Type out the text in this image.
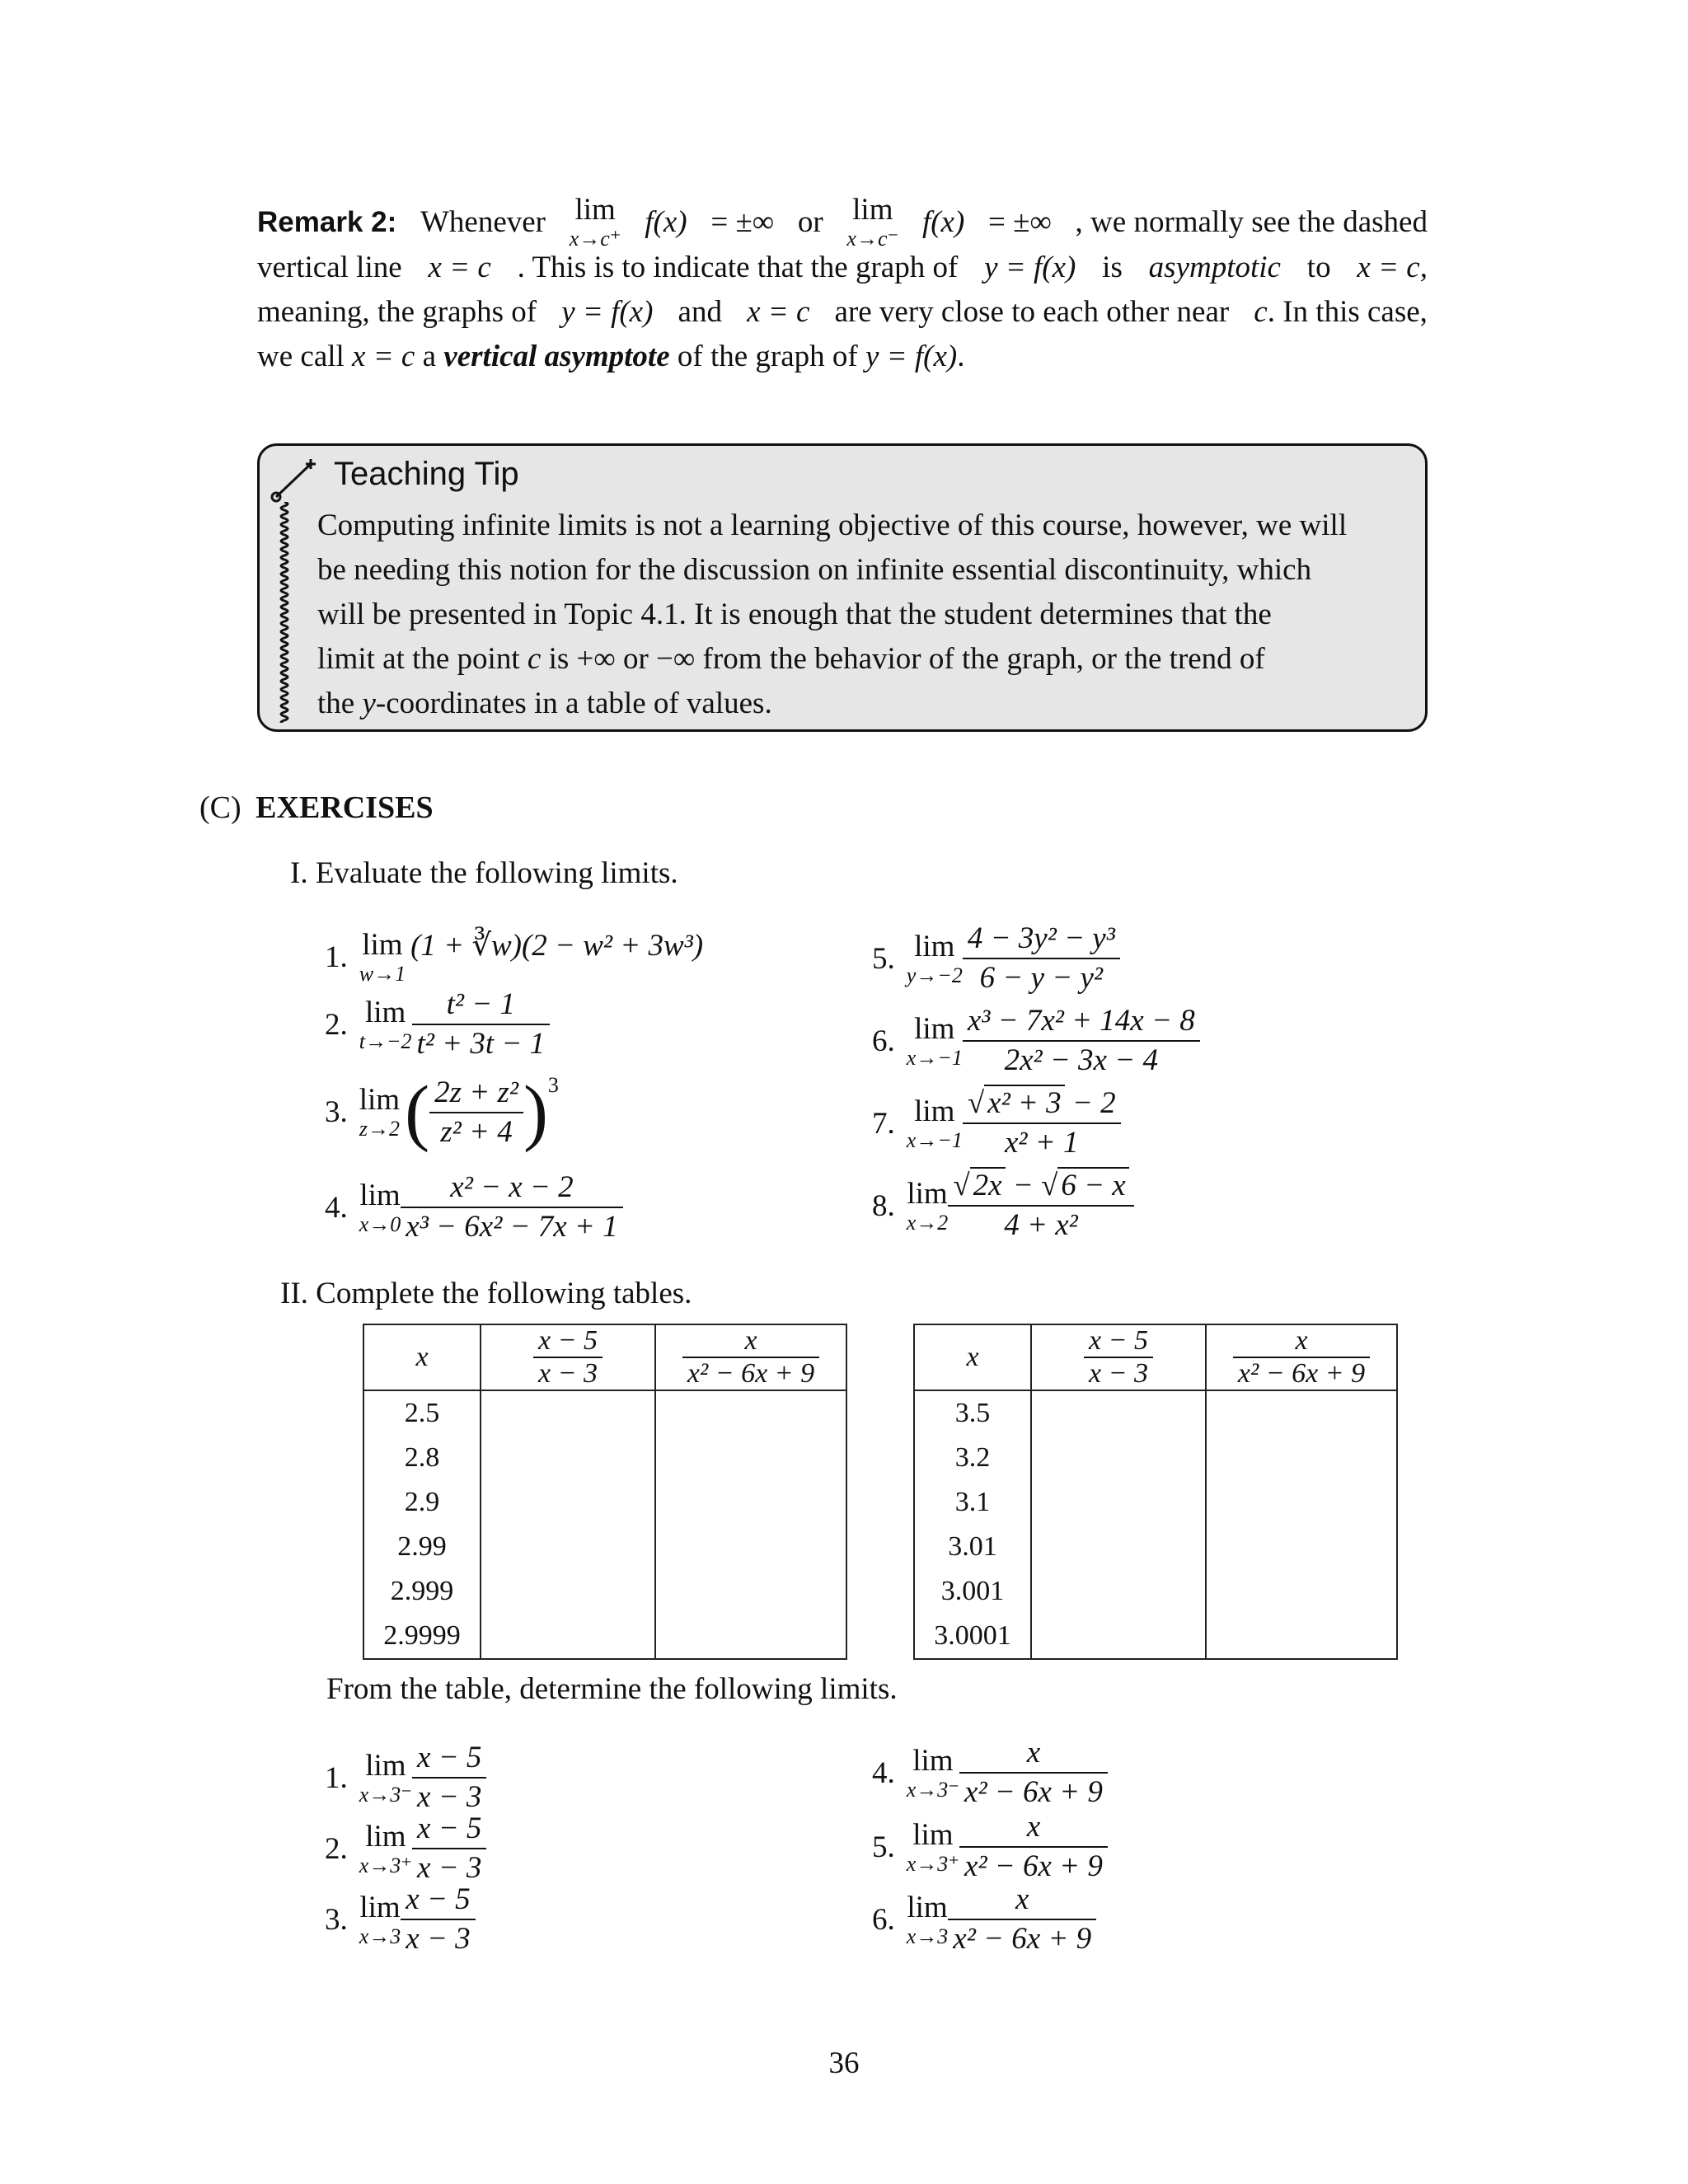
Remark 2: Whenever lim
x→c⁺ f(x) = ±∞ or lim
x→c⁻ f(x) = ±∞ , we normally see the dashed
vertical line x = c . This is to indicate that the graph of y = f(x) is asymptotic to x = c,
meaning, the graphs of y = f(x) and x = c are very close to each other near c. In this case,
we call x = c a vertical asymptote of the graph of y = f(x).
Teaching Tip
Computing infinite limits is not a learning objective of this course, however, we will
be needing this notion for the discussion on infinite essential discontinuity, which
will be presented in Topic 4.1. It is enough that the student determines that the
limit at the point c is +∞ or −∞ from the behavior of the graph, or the trend of
the y-coordinates in a table of values.
(C) EXERCISES
I. Evaluate the following limits.
1. lim
w→1
(1 + ∛w)(2 − w² + 3w³)
2. lim
$t\to-2 \frac{\text{t² − 1}}{\text{t² + 3t − 1}}$
3. lim
z→2 ( $\frac{\text{2z + z²}}{\text{z² + 4}}$ ) 3
4. lim
$x\to 0 \frac{\text{x² − x − 2}}{\text{x³ − 6x² − 7x + 1}}$
5. lim
$y\to-2 \frac{\text{4 − 3y² − y³}}{\text{6 − y − y²}}$
6. lim
$x\to-1 \frac{\text{x³ − 7x² + 14x − 8}}{\text{2x² − 3x − 4}}$
7. lim
$x\to-1 \frac{\text{√ x² + 3 − 2}}{\text{x² + 1}}$
8. lim
$x\to 2 \frac{√ 2x - √ 6 - x}{\text{4 + x²}}$
II. Complete the following tables.
x	$\frac{x - 5}{x - 3}$	$\frac{x}{\text{x² − 6x + 9}}$

2.5		
2.8		
2.9		
2.99		
2.999		
2.9999		
x	$\frac{x - 5}{x - 3}$	$\frac{x}{\text{x² − 6x + 9}}$

3.5		
3.2		
3.1		
3.01		
3.001		
3.0001		
From the table, determine the following limits.
1. lim
$x\to 3^- \frac{x - 5}{x - 3}$
2. lim
$x\to 3^+ \frac{x - 5}{x - 3}$
3. lim
$x\to 3 \frac{x - 5}{x - 3}$
4. lim
$x\to 3^- \frac{x}{\text{x² − 6x + 9}}$
5. lim
$x\to 3^+ \frac{x}{\text{x² − 6x + 9}}$
6. lim
$x\to 3 \frac{x}{\text{x² − 6x + 9}}$
36
